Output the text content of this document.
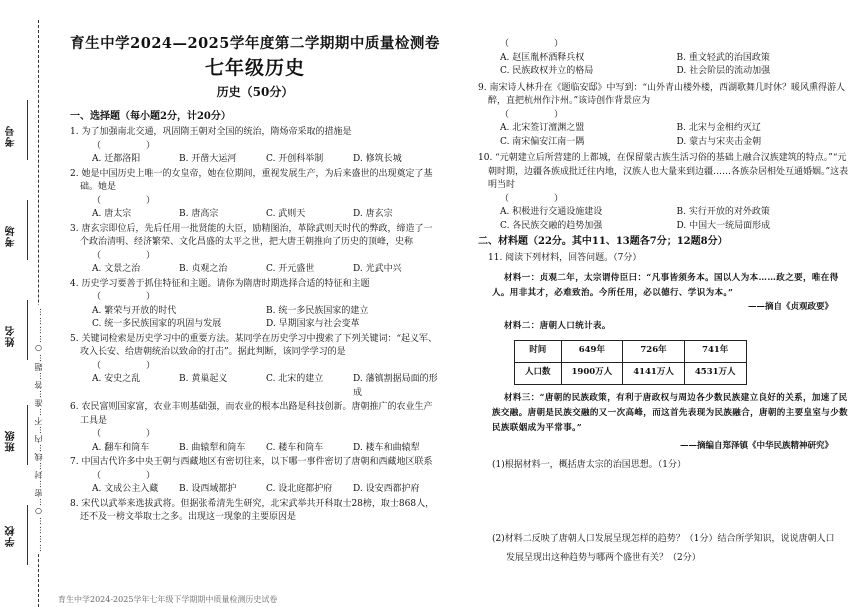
考号
考场
姓名
班级
学校 …………○…密…封…线…内…不…准…答…题…○…………
育生中学2024—2025学年度第二学期期中质量检测卷
七年级历史
历史（50分）
一、选择题（每小题2分，计20分）
1. 为了加强南北交通，巩固隋王朝对全国的统治，隋炀帝采取的措施是
（　　　　　）
A. 迁都洛阳	B. 开凿大运河	C. 开创科举制	D. 修筑长城
2. 她是中国历史上唯一的女皇帝，她在位期间，重视发展生产，为后来盛世的出现奠定了基础。她是
（　　　　　）
A. 唐太宗	B. 唐高宗	C. 武则天	D. 唐玄宗
3. 唐玄宗即位后，先后任用一批贤能的大臣，励精图治，革除武则天时代的弊政，缔造了一个政治清明、经济繁荣、文化昌盛的太平之世，把大唐王朝推向了历史的顶峰，史称
（　　　　　）
A. 文景之治	B. 贞观之治	C. 开元盛世	D. 光武中兴
4. 历史学习要善于抓住特征和主题。请你为隋唐时期选择合适的特征和主题
（　　　　　）
A. 繁荣与开放的时代	B. 统一多民族国家的建立
C. 统一多民族国家的巩固与发展	D. 早期国家与社会变革
5. 关键词检索是历史学习中的重要方法。某同学在历史学习中搜索了下列关键词：“起义军、攻入长安、给唐朝统治以致命的打击”。据此判断，该同学学习的是
（　　　　　）
A. 安史之乱	B. 黄巢起义	C. 北宋的建立	D. 藩镇割据局面的形成
6. 农民富则国家富，农业丰则基础强，而农业的根本出路是科技创新。唐朝推广的农业生产工具是
（　　　　　）
A. 翻车和筒车	B. 曲辕犁和筒车	C. 耧车和筒车	D. 耧车和曲辕犁
7. 中国古代许多中央王朝与西藏地区有密切往来，以下哪一事件密切了唐朝和西藏地区联系
（　　　　　）
A. 文成公主入藏	B. 设西域都护	C. 设北庭都护府	D. 设安西都护府
8. 宋代以武举来选拔武将。但据张希清先生研究，北宋武举共开科取士28榜，取士868人，还不及一榜文举取士之多。出现这一现象的主要原因是
（　　　　　）
A. 赵匡胤杯酒释兵权	B. 重文轻武的治国政策
C. 民族政权并立的格局	D. 社会阶层的流动加强
9. 南宋诗人林升在《题临安邸》中写到：“山外青山楼外楼，西湖歌舞几时休？暖风熏得游人醉，直把杭州作汴州。”该诗创作背景应为
（　　　　　）
A. 北宋签订澶渊之盟	B. 北宋与金相约灭辽
C. 南宋偏安江南一隅	D. 蒙古与宋夹击金朝
10. “元朝建立后所营建的上都城，在保留蒙古族生活习俗的基础上融合汉族建筑的特点。”“元朝时期，边疆各族成批迁往内地，汉族人也大量来到边疆……各族杂居相处互通婚姻。”这表明当时
（　　　　　）
A. 积极进行交通设施建设	B. 实行开放的对外政策
C. 各民族交融的趋势加强	D. 中国大一统局面形成
二、材料题（22分。其中11、13题各7分；12题8分）
11. 阅读下列材料，回答问题。（7分）
材料一：贞观二年，太宗谓侍臣曰：“凡事皆须务本。国以人为本……政之要，唯在得人。用非其才，必难致治。今所任用，必以德行、学识为本。”
——摘自《贞观政要》
材料二：唐朝人口统计表。
时间	649年	726年	741年
人口数	1900万人	4141万人	4531万人
材料三：“唐朝的民族政策，有利于唐政权与周边各少数民族建立良好的关系，加速了民族交融。唐朝是民族交融的又一次高峰，而这首先表现为民族融合，唐朝的主要皇室与少数民族联姻成为平常事。”
——摘编自郑泽镇《中华民族精神研究》
(1)根据材料一，概括唐太宗的治国思想。（1分）
(2)材料二反映了唐朝人口发展呈现怎样的趋势？（1分）结合所学知识，说说唐朝人口
发展呈现出这种趋势与哪两个盛世有关？（2分）
育生中学2024-2025学年七年级下学期期中质量检测历史试卷
